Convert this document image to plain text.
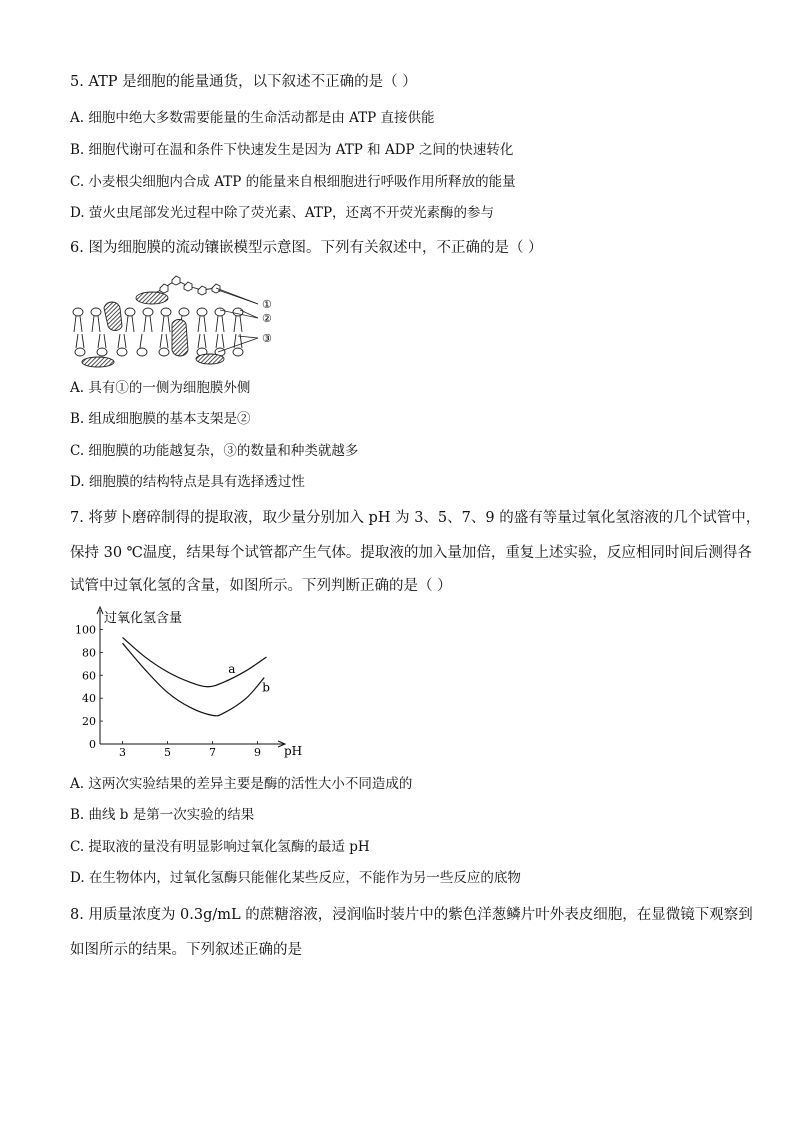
5. ATP 是细胞的能量通货，以下叙述不正确的是（ ）
A. 细胞中绝大多数需要能量的生命活动都是由 ATP 直接供能
B. 细胞代谢可在温和条件下快速发生是因为 ATP 和 ADP 之间的快速转化
C. 小麦根尖细胞内合成 ATP 的能量来自根细胞进行呼吸作用所释放的能量
D. 萤火虫尾部发光过程中除了荧光素、ATP，还离不开荧光素酶的参与
6. 图为细胞膜的流动镶嵌模型示意图。下列有关叙述中，不正确的是（ ）
①
②
③
A. 具有①的一侧为细胞膜外侧
B. 组成细胞膜的基本支架是②
C. 细胞膜的功能越复杂，③的数量和种类就越多
D. 细胞膜的结构特点是具有选择透过性
7. 将萝卜磨碎制得的提取液，取少量分别加入 pH 为 3、5、7、9 的盛有等量过氧化氢溶液的几个试管中，
保持 30 ℃温度，结果每个试管都产生气体。提取液的加入量加倍，重复上述实验，反应相同时间后测得各
试管中过氧化氢的含量，如图所示。下列判断正确的是（ ）
过氧化氢含量
pH
0
20
40
60
80
100
3	5	7	9
a
b
A. 这两次实验结果的差异主要是酶的活性大小不同造成的
B. 曲线 b 是第一次实验的结果
C. 提取液的量没有明显影响过氧化氢酶的最适 pH
D. 在生物体内，过氧化氢酶只能催化某些反应，不能作为另一些反应的底物
8. 用质量浓度为 0.3g/mL 的蔗糖溶液，浸润临时装片中的紫色洋葱鳞片叶外表皮细胞，在显微镜下观察到
如图所示的结果。下列叙述正确的是
